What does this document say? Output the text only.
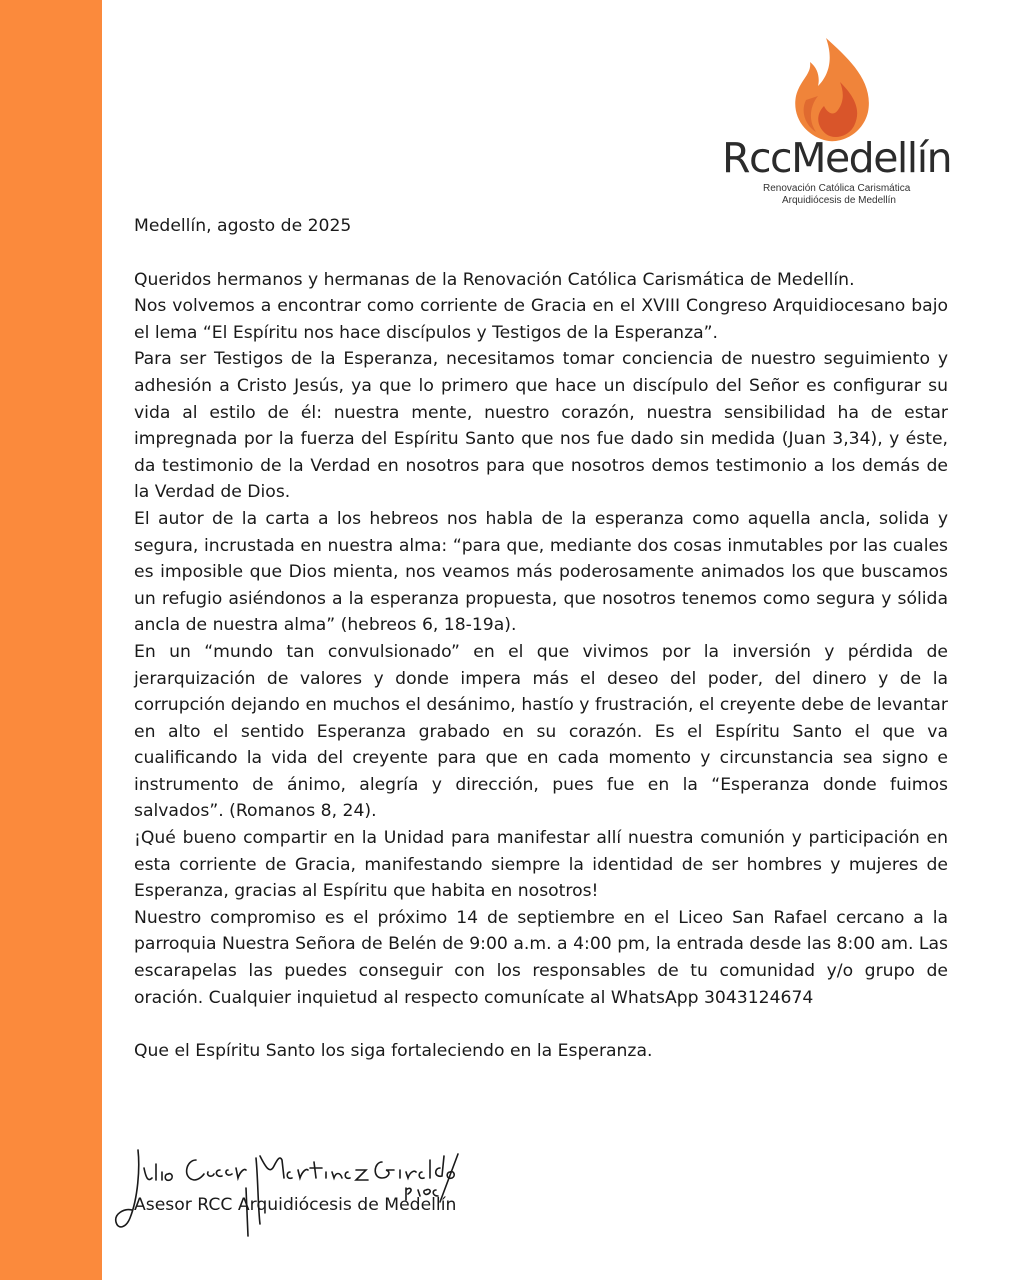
RccMedellín
Renovación Católica Carismática
Arquidiócesis de Medellín

Medellín, agosto de 2025

Queridos hermanos y hermanas de la Renovación Católica Carismática de Medellín.

Nos volvemos a encontrar como corriente de Gracia en el XVIII Congreso Arquidiocesano bajo el lema “El Espíritu nos hace discípulos y Testigos de la Esperanza”.

Para ser Testigos de la Esperanza, necesitamos tomar conciencia de nuestro seguimiento y adhesión a Cristo Jesús, ya que lo primero que hace un discípulo del Señor es configurar su vida al estilo de él: nuestra mente, nuestro corazón, nuestra sensibilidad ha de estar impregnada por la fuerza del Espíritu Santo que nos fue dado sin medida (Juan 3,34), y éste, da testimonio de la Verdad en nosotros para que nosotros demos testimonio a los demás de la Verdad de Dios.

El autor de la carta a los hebreos nos habla de la esperanza como aquella ancla, solida y segura, incrustada en nuestra alma: “para que, mediante dos cosas inmutables por las cuales es imposible que Dios mienta, nos veamos más poderosamente animados los que buscamos un refugio asiéndonos a la esperanza propuesta, que nosotros tenemos como segura y sólida ancla de nuestra alma” (hebreos 6, 18-19a).

En un “mundo tan convulsionado” en el que vivimos por la inversión y pérdida de jerarquización de valores y donde impera más el deseo del poder, del dinero y de la corrupción dejando en muchos el desánimo, hastío y frustración, el creyente debe de levantar en alto el sentido Esperanza grabado en su corazón. Es el Espíritu Santo el que va cualificando la vida del creyente para que en cada momento y circunstancia sea signo e instrumento de ánimo, alegría y dirección, pues fue en la “Esperanza donde fuimos salvados”. (Romanos 8, 24).

¡Qué bueno compartir en la Unidad para manifestar allí nuestra comunión y participación en esta corriente de Gracia, manifestando siempre la identidad de ser hombres y mujeres de Esperanza, gracias al Espíritu que habita en nosotros!

Nuestro compromiso es el próximo 14 de septiembre en el Liceo San Rafael cercano a la parroquia Nuestra Señora de Belén de 9:00 a.m. a 4:00 pm, la entrada desde las 8:00 am. Las escarapelas las puedes conseguir con los responsables de tu comunidad y/o grupo de oración. Cualquier inquietud al respecto comunícate al WhatsApp 3043124674

Que el Espíritu Santo los siga fortaleciendo en la Esperanza.

Asesor RCC Arquidiócesis de Medellín
